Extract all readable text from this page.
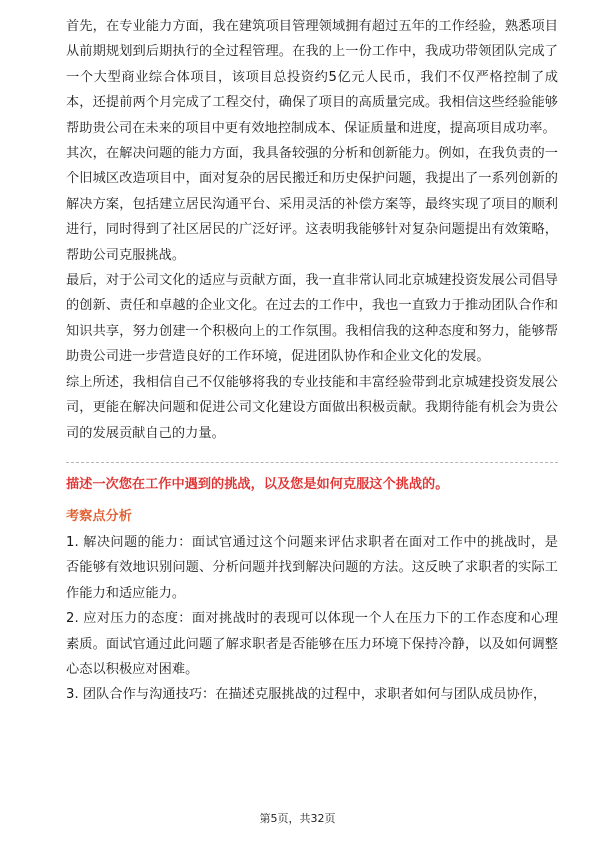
首先，在专业能力方面，我在建筑项目管理领域拥有超过五年的工作经验，熟悉项目从前期规划到后期执行的全过程管理。在我的上一份工作中，我成功带领团队完成了一个大型商业综合体项目，该项目总投资约5亿元人民币，我们不仅严格控制了成本，还提前两个月完成了工程交付，确保了项目的高质量完成。我相信这些经验能够帮助贵公司在未来的项目中更有效地控制成本、保证质量和进度，提高项目成功率。

其次，在解决问题的能力方面，我具备较强的分析和创新能力。例如，在我负责的一个旧城区改造项目中，面对复杂的居民搬迁和历史保护问题，我提出了一系列创新的解决方案，包括建立居民沟通平台、采用灵活的补偿方案等，最终实现了项目的顺利进行，同时得到了社区居民的广泛好评。这表明我能够针对复杂问题提出有效策略，帮助公司克服挑战。

最后，对于公司文化的适应与贡献方面，我一直非常认同北京城建投资发展公司倡导的创新、责任和卓越的企业文化。在过去的工作中，我也一直致力于推动团队合作和知识共享，努力创建一个积极向上的工作氛围。我相信我的这种态度和努力，能够帮助贵公司进一步营造良好的工作环境，促进团队协作和企业文化的发展。

综上所述，我相信自己不仅能够将我的专业技能和丰富经验带到北京城建投资发展公司，更能在解决问题和促进公司文化建设方面做出积极贡献。我期待能有机会为贵公司的发展贡献自己的力量。

描述一次您在工作中遇到的挑战，以及您是如何克服这个挑战的。

考察点分析

1. 解决问题的能力：面试官通过这个问题来评估求职者在面对工作中的挑战时，是否能够有效地识别问题、分析问题并找到解决问题的方法。这反映了求职者的实际工作能力和适应能力。

2. 应对压力的态度：面对挑战时的表现可以体现一个人在压力下的工作态度和心理素质。面试官通过此问题了解求职者是否能够在压力环境下保持冷静，以及如何调整心态以积极应对困难。

3. 团队合作与沟通技巧：在描述克服挑战的过程中，求职者如何与团队成员协作，

第5页，共32页
